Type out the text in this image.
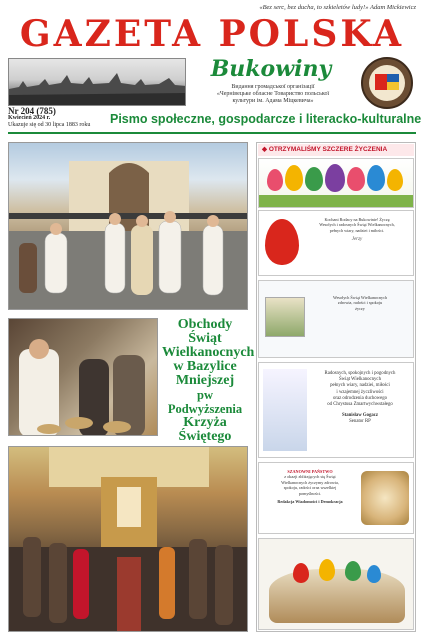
«Bez serc, bez ducha, to szkieletów ludy!» Adam Mickiewicz
GAZETA POLSKA
Bukowiny
Видання громадської організації
«Чернівецьке обласне Товариство польської
культури ім. Адама Міцкевича»
Nr 204 (785)
Kwiecień 2024 r.
Ukazuje się od 30 lipca 1883 roku	Pismo społeczne, gospodarcze i literacko-kulturalne
Obchody
Świąt
Wielkanocnych
w Bazylice
Mniejszej
pw Podwyższenia
Krzyża
Świętego
◆ OTRZYMALIŚMY SZCZERE ŻYCZENIA
Kochani Rodacy na Bukowinie! Życzę
Wesołych i radosnych Świąt Wielkanocnych,
pełnych wiary, nadziei i miłości.
Jerzy
Wesołych Świąt Wielkanocnych
zdrowia, radości i spokoju
życzy
Radosnych, spokojnych i pogodnych
Świąt Wielkanocnych
pełnych wiary, nadziei, miłości
i wzajemnej życzliwości
oraz odrodzenia duchowego
od Chrystusa Zmartwychwstałego
Stanisław Gogacz
Senator RP
SZANOWNI PAŃSTWO
z okazji zbliżających się Świąt
Wielkanocnych życzymy zdrowia,
spokoju, radości oraz wszelkiej
pomyślności.
Redakcja Wiadomości i Demokracja
